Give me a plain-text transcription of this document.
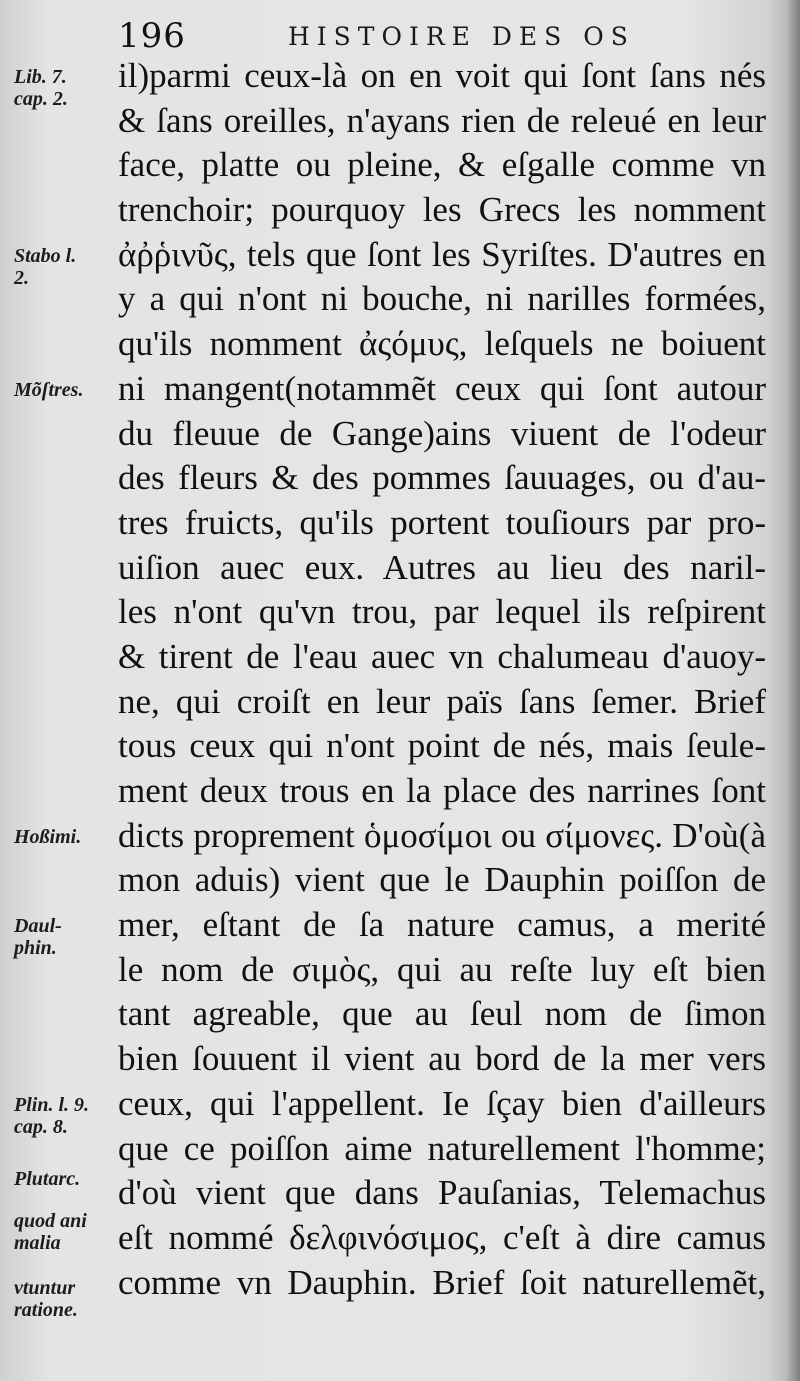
196	HISTOIRE DES OS
Lib. 7.
cap. 2.
Stabo l.
2.
Mõſtres.
Hoßimi.
Daul-
phin.
Plin. l. 9.
cap. 8.
Plutarc.
quod ani
malia
vtuntur
ratione.
il)parmi ceux-là on en voit qui ſont ſans nés
& ſans oreilles, n'ayans rien de releué en leur
face, platte ou pleine, & eſgalle comme vn
trenchoir; pourquoy les Grecs les nomment
ἀῤῥινῦς, tels que ſont les Syriſtes. D'autres en
y a qui n'ont ni bouche, ni narilles formées,
qu'ils nomment ἀςόμυς, leſquels ne boiuent
ni mangent(notammẽt ceux qui ſont autour
du fleuue de Gange)ains viuent de l'odeur
des fleurs & des pommes ſauuages, ou d'au-
tres fruicts, qu'ils portent touſiours par pro-
uiſion auec eux. Autres au lieu des naril-
les n'ont qu'vn trou, par lequel ils reſpirent
& tirent de l'eau auec vn chalumeau d'auoy-
ne, qui croiſt en leur païs ſans ſemer. Brief
tous ceux qui n'ont point de nés, mais ſeule-
ment deux trous en la place des narrines ſont
dicts proprement ὁμοσίμοι ou σίμονες. D'où(à
mon aduis) vient que le Dauphin poiſſon de
mer, eſtant de ſa nature camus, a merité
le nom de σιμὸς, qui au reſte luy eſt bien
tant agreable, que au ſeul nom de ſimon
bien ſouuent il vient au bord de la mer vers
ceux, qui l'appellent. Ie ſçay bien d'ailleurs
que ce poiſſon aime naturellement l'homme;
d'où vient que dans Pauſanias, Telemachus
eſt nommé δελφινόσιμος, c'eſt à dire camus
comme vn Dauphin. Brief ſoit naturellemẽt,
